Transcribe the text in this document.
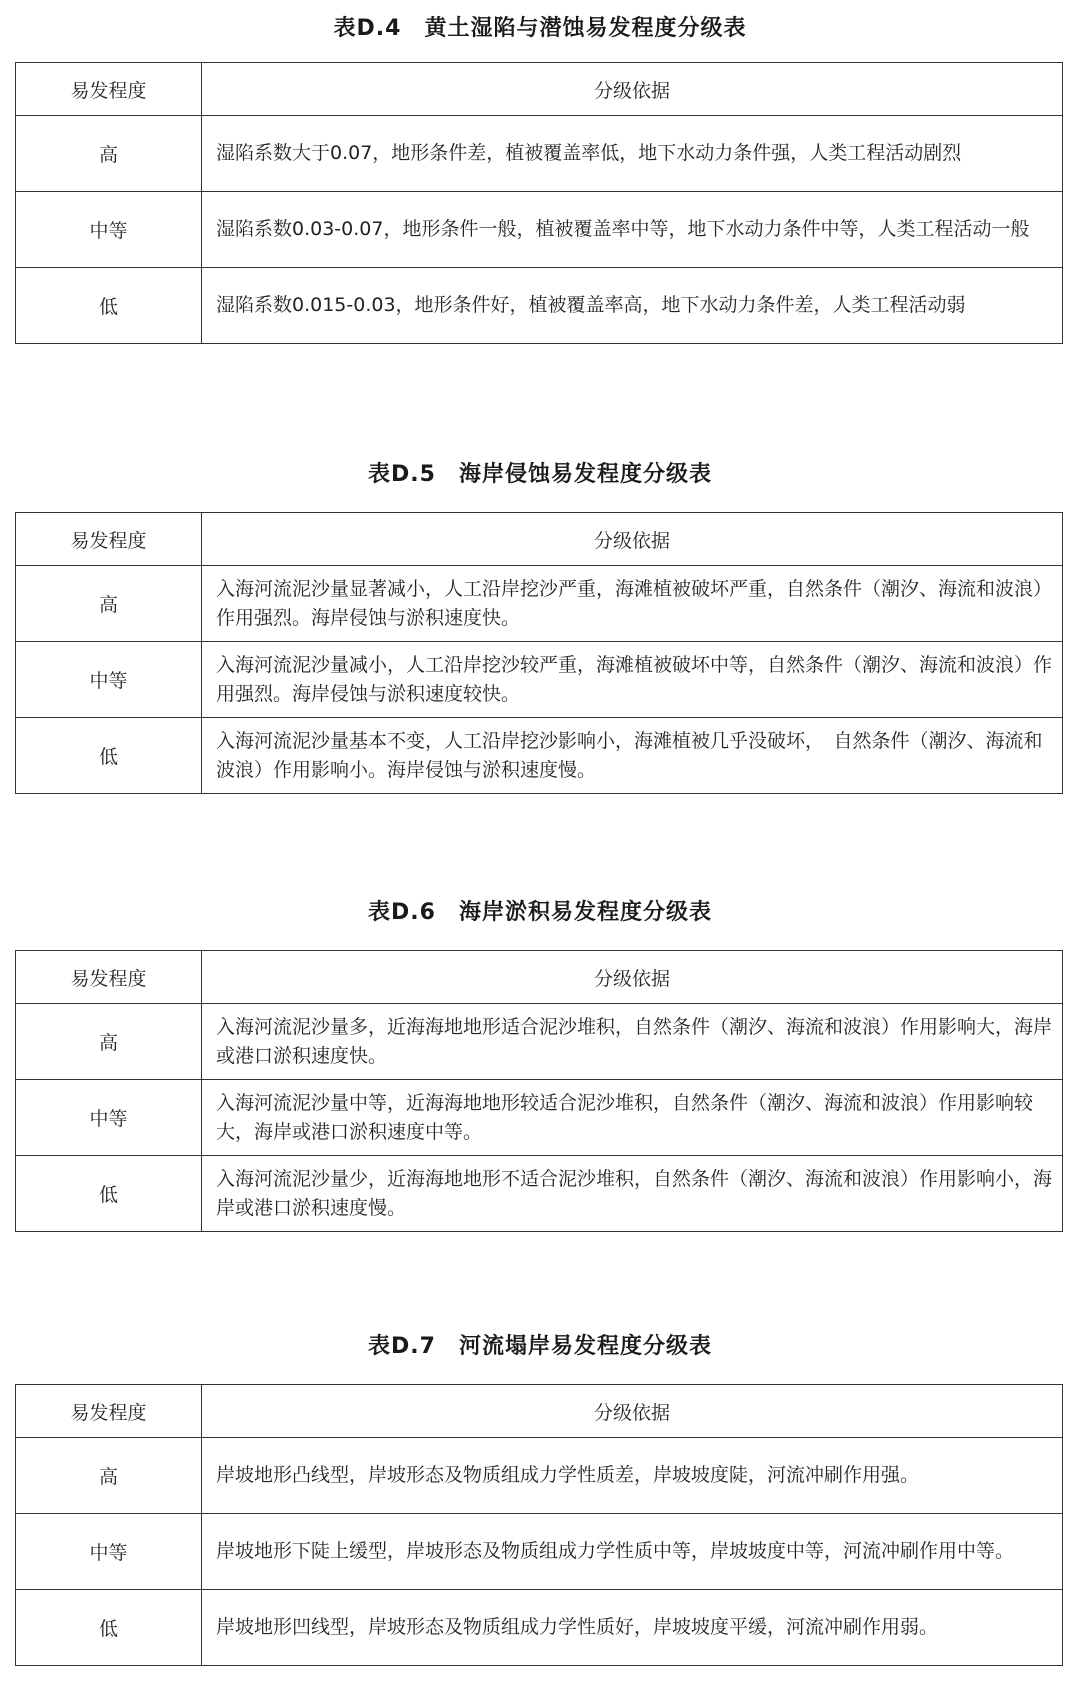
表D.4　黄土湿陷与潜蚀易发程度分级表
易发程度	分级依据
高	湿陷系数大于0.07，地形条件差，植被覆盖率低，地下水动力条件强，人类工程活动剧烈
中等	湿陷系数0.03-0.07，地形条件一般，植被覆盖率中等，地下水动力条件中等，人类工程活动一般
低	湿陷系数0.015-0.03，地形条件好，植被覆盖率高，地下水动力条件差，人类工程活动弱
表D.5　海岸侵蚀易发程度分级表
易发程度	分级依据
高	入海河流泥沙量显著减小，人工沿岸挖沙严重，海滩植被破坏严重，自然条件（潮汐、海流和波浪）作用强烈。海岸侵蚀与淤积速度快。
中等	入海河流泥沙量减小，人工沿岸挖沙较严重，海滩植被破坏中等，自然条件（潮汐、海流和波浪）作用强烈。海岸侵蚀与淤积速度较快。
低	入海河流泥沙量基本不变，人工沿岸挖沙影响小，海滩植被几乎没破坏，　自然条件（潮汐、海流和波浪）作用影响小。海岸侵蚀与淤积速度慢。
表D.6　海岸淤积易发程度分级表
易发程度	分级依据
高	入海河流泥沙量多，近海海地地形适合泥沙堆积，自然条件（潮汐、海流和波浪）作用影响大，海岸或港口淤积速度快。
中等	入海河流泥沙量中等，近海海地地形较适合泥沙堆积，自然条件（潮汐、海流和波浪）作用影响较大，海岸或港口淤积速度中等。
低	入海河流泥沙量少，近海海地地形不适合泥沙堆积，自然条件（潮汐、海流和波浪）作用影响小，海岸或港口淤积速度慢。
表D.7　河流塌岸易发程度分级表
易发程度	分级依据
高	岸坡地形凸线型，岸坡形态及物质组成力学性质差，岸坡坡度陡，河流冲刷作用强。
中等	岸坡地形下陡上缓型，岸坡形态及物质组成力学性质中等，岸坡坡度中等，河流冲刷作用中等。
低	岸坡地形凹线型，岸坡形态及物质组成力学性质好，岸坡坡度平缓，河流冲刷作用弱。
